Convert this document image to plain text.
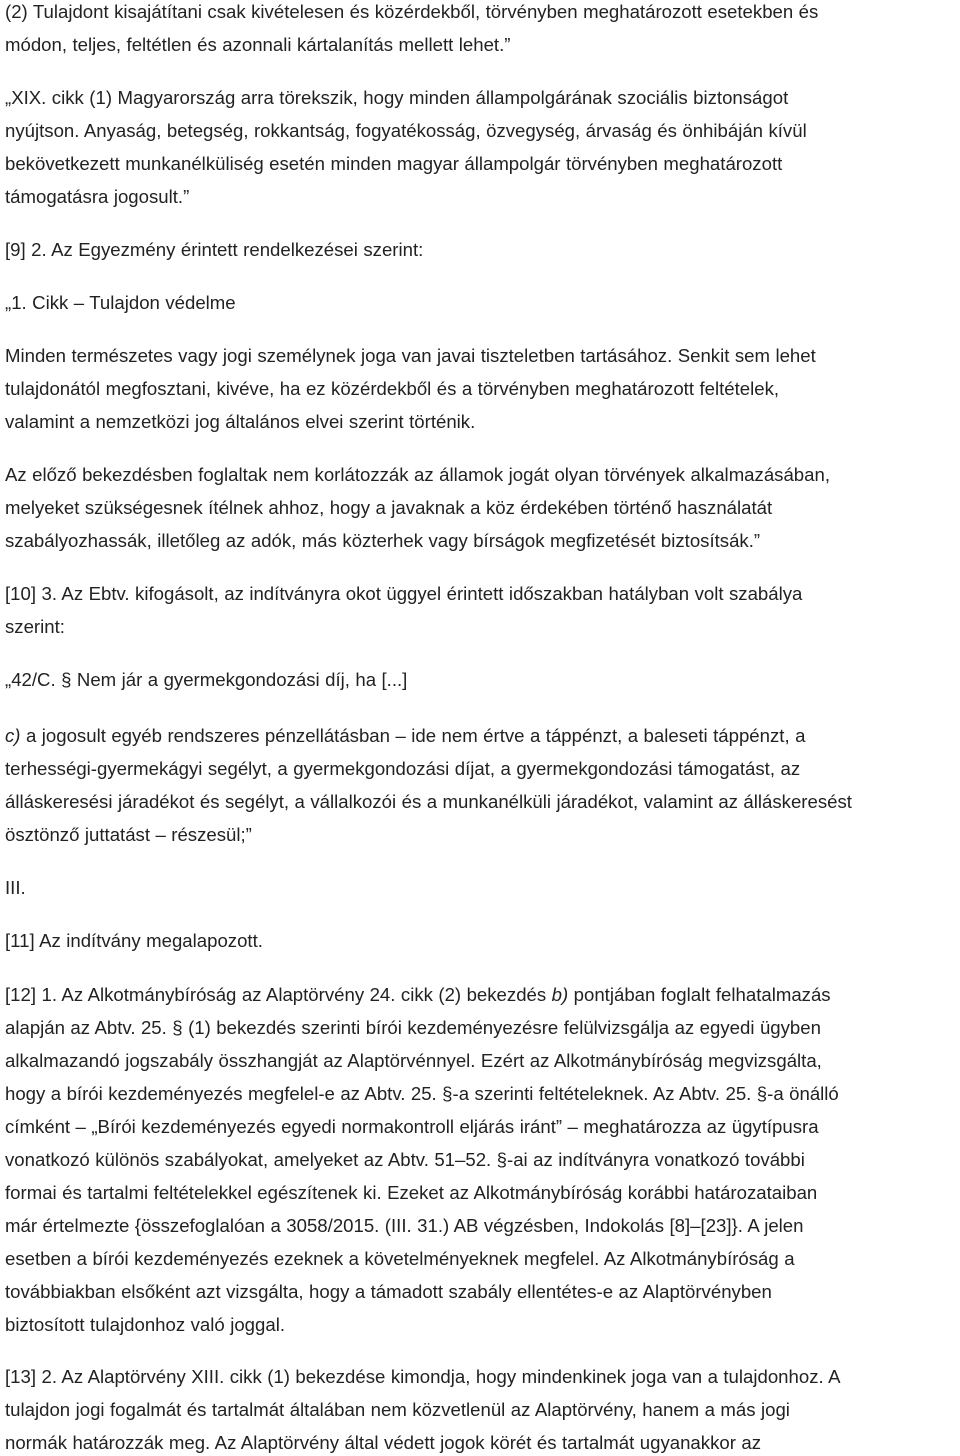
(2) Tulajdont kisajátítani csak kivételesen és közérdekből, törvényben meghatározott esetekben és
módon, teljes, feltétlen és azonnali kártalanítás mellett lehet.”

„XIX. cikk (1) Magyarország arra törekszik, hogy minden állampolgárának szociális biztonságot
nyújtson. Anyaság, betegség, rokkantság, fogyatékosság, özvegység, árvaság és önhibáján kívül
bekövetkezett munkanélküliség esetén minden magyar állampolgár törvényben meghatározott
támogatásra jogosult.”

[9] 2. Az Egyezmény érintett rendelkezései szerint:

„1. Cikk – Tulajdon védelme

Minden természetes vagy jogi személynek joga van javai tiszteletben tartásához. Senkit sem lehet
tulajdonától megfosztani, kivéve, ha ez közérdekből és a törvényben meghatározott feltételek,
valamint a nemzetközi jog általános elvei szerint történik.

Az előző bekezdésben foglaltak nem korlátozzák az államok jogát olyan törvények alkalmazásában,
melyeket szükségesnek ítélnek ahhoz, hogy a javaknak a köz érdekében történő használatát
szabályozhassák, illetőleg az adók, más közterhek vagy bírságok megfizetését biztosítsák.”

[10] 3. Az Ebtv. kifogásolt, az indítványra okot üggyel érintett időszakban hatályban volt szabálya
szerint:

„42/C. § Nem jár a gyermekgondozási díj, ha [...]

c) a jogosult egyéb rendszeres pénzellátásban – ide nem értve a táppénzt, a baleseti táppénzt, a
terhességi-gyermekágyi segélyt, a gyermekgondozási díjat, a gyermekgondozási támogatást, az
álláskeresési járadékot és segélyt, a vállalkozói és a munkanélküli járadékot, valamint az álláskeresést
ösztönző juttatást – részesül;”

III.

[11] Az indítvány megalapozott.

[12] 1. Az Alkotmánybíróság az Alaptörvény 24. cikk (2) bekezdés b) pontjában foglalt felhatalmazás
alapján az Abtv. 25. § (1) bekezdés szerinti bírói kezdeményezésre felülvizsgálja az egyedi ügyben
alkalmazandó jogszabály összhangját az Alaptörvénnyel. Ezért az Alkotmánybíróság megvizsgálta,
hogy a bírói kezdeményezés megfelel-e az Abtv. 25. §-a szerinti feltételeknek. Az Abtv. 25. §-a önálló
címként – „Bírói kezdeményezés egyedi normakontroll eljárás iránt” – meghatározza az ügytípusra
vonatkozó különös szabályokat, amelyeket az Abtv. 51–52. §-ai az indítványra vonatkozó további
formai és tartalmi feltételekkel egészítenek ki. Ezeket az Alkotmánybíróság korábbi határozataiban
már értelmezte {összefoglalóan a 3058/2015. (III. 31.) AB végzésben, Indokolás [8]–[23]}. A jelen
esetben a bírói kezdeményezés ezeknek a követelményeknek megfelel. Az Alkotmánybíróság a
továbbiakban elsőként azt vizsgálta, hogy a támadott szabály ellentétes-e az Alaptörvényben
biztosított tulajdonhoz való joggal.

[13] 2. Az Alaptörvény XIII. cikk (1) bekezdése kimondja, hogy mindenkinek joga van a tulajdonhoz. A
tulajdon jogi fogalmát és tartalmát általában nem közvetlenül az Alaptörvény, hanem a más jogi
normák határozzák meg. Az Alaptörvény által védett jogok körét és tartalmát ugyanakkor az
